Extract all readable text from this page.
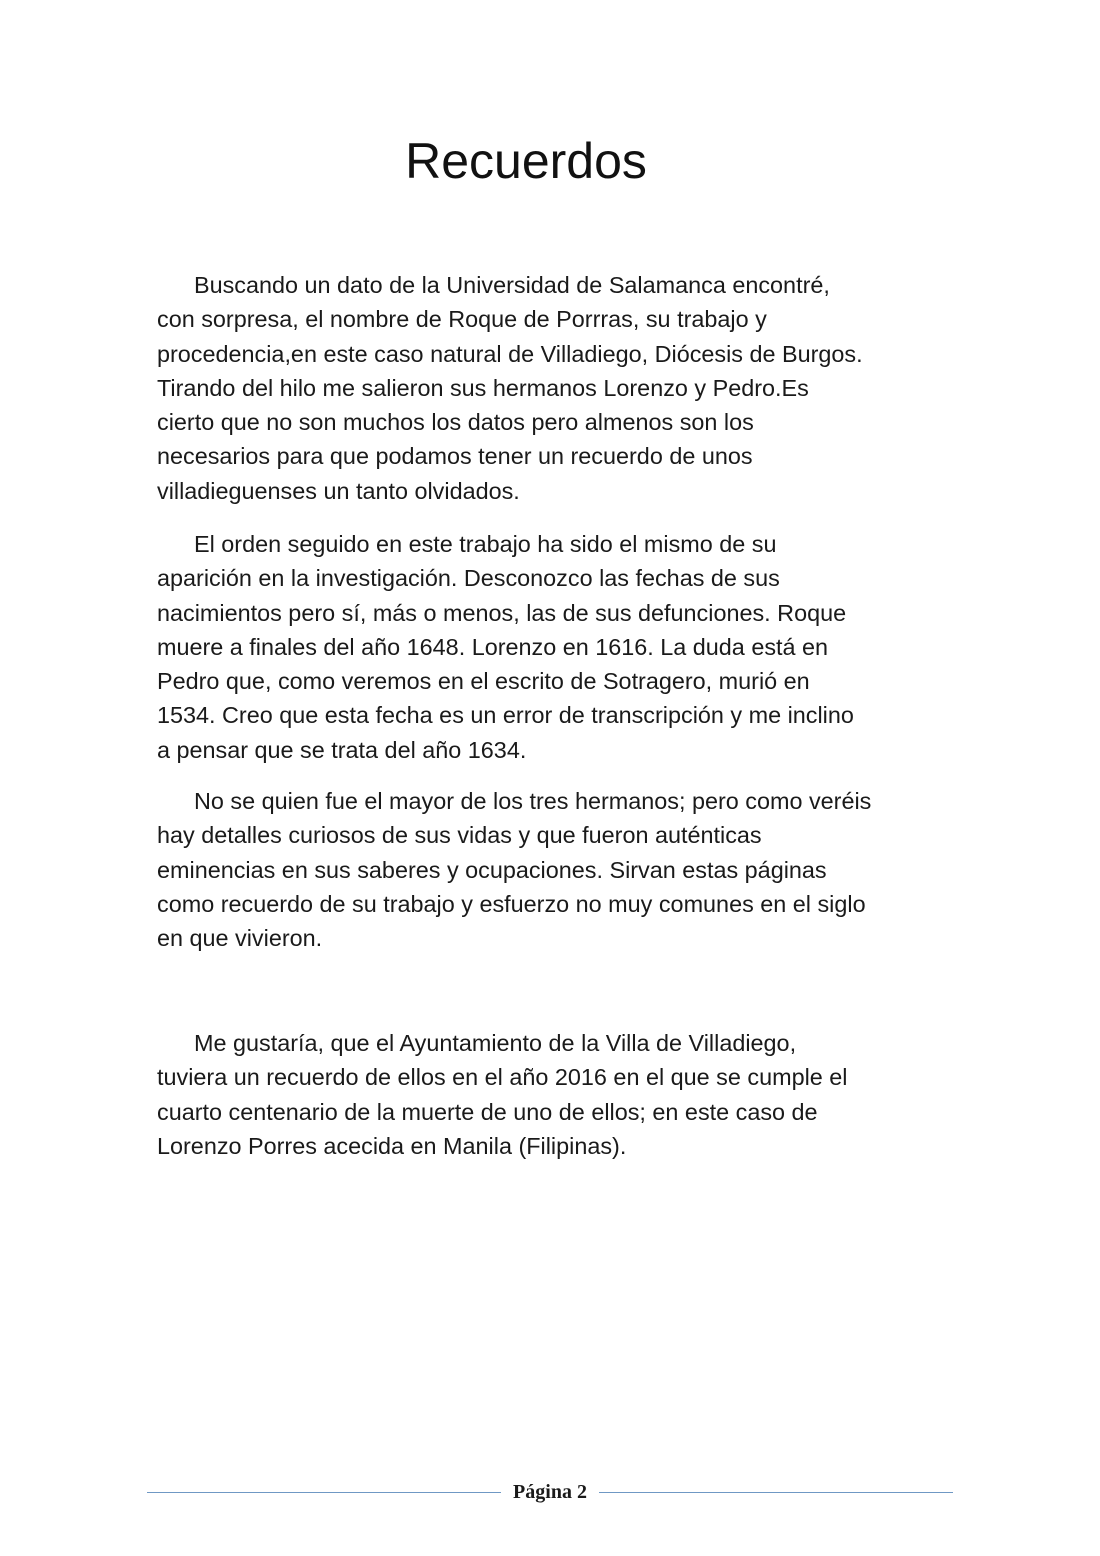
Recuerdos

Buscando un dato de la Universidad de Salamanca encontré,
con sorpresa, el nombre de Roque de Porrras, su trabajo y
procedencia,en este caso natural de Villadiego, Diócesis de Burgos.
Tirando del hilo me salieron sus hermanos Lorenzo y Pedro.Es
cierto que no son muchos los datos pero almenos son los
necesarios para que podamos tener un recuerdo de unos
villadieguenses un tanto olvidados.

El orden seguido en este trabajo ha sido el mismo de su
aparición en la investigación. Desconozco las fechas de sus
nacimientos pero sí, más o menos, las de sus defunciones. Roque
muere a finales del año 1648. Lorenzo en 1616. La duda está en
Pedro que, como veremos en el escrito de Sotragero, murió en
1534. Creo que esta fecha es un error de transcripción y me inclino
a pensar que se trata del año 1634.

No se quien fue el mayor de los tres hermanos; pero como veréis
hay detalles curiosos de sus vidas y que fueron auténticas
eminencias en sus saberes y ocupaciones. Sirvan estas páginas
como recuerdo de su trabajo y esfuerzo no muy comunes en el siglo
en que vivieron.

Me gustaría, que el Ayuntamiento de la Villa de Villadiego,
tuviera un recuerdo de ellos en el año 2016 en el que se cumple el
cuarto centenario de la muerte de uno de ellos; en este caso de
Lorenzo Porres acecida en Manila (Filipinas).

Página 2
